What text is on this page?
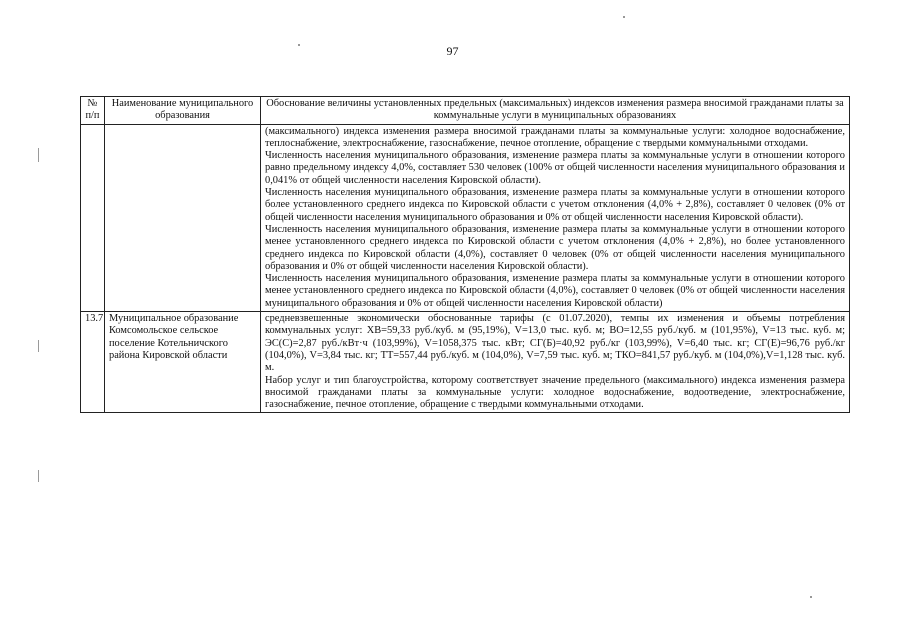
97
№ п/п	Наименование муниципального образования	Обоснование величины установленных предельных (максимальных) индексов изменения размера вносимой гражданами платы за коммунальные услуги в муниципальных образованиях

		(максимального) индекса изменения размера вносимой гражданами платы за коммунальные услуги: холодное водоснабжение, теплоснабжение, электроснабжение, газоснабжение, печное отопление, обращение с твердыми коммунальными отходами.
Численность населения муниципального образования, изменение размера платы за коммунальные услуги в отношении которого равно предельному индексу 4,0%, составляет 530 человек (100% от общей численности населения муниципального образования и 0,041% от общей численности населения Кировской области).
Численность населения муниципального образования, изменение размера платы за коммунальные услуги в отношении которого более установленного среднего индекса по Кировской области с учетом отклонения (4,0% + 2,8%), составляет 0 человек (0% от общей численности населения муниципального образования и 0% от общей численности населения Кировской области).
Численность населения муниципального образования, изменение размера платы за коммунальные услуги в отношении которого менее установленного среднего индекса по Кировской области с учетом отклонения (4,0% + 2,8%), но более установленного среднего индекса по Кировской области (4,0%), составляет 0 человек (0% от общей численности населения муниципального образования и 0% от общей численности населения Кировской области).
Численность населения муниципального образования, изменение размера платы за коммунальные услуги в отношении которого менее установленного среднего индекса по Кировской области (4,0%), составляет 0 человек (0% от общей численности населения муниципального образования и 0% от общей численности населения Кировской области)

13.7	Муниципальное образование Комсомольское сельское поселение Котельничского района Кировской области	средневзвешенные экономически обоснованные тарифы (с 01.07.2020), темпы их изменения и объемы потребления коммунальных услуг: ХВ=59,33 руб./куб. м (95,19%), V=13,0 тыс. куб. м; ВО=12,55 руб./куб. м (101,95%), V=13 тыс. куб. м; ЭС(С)=2,87 руб./кВт·ч (103,99%), V=1058,375 тыс. кВт; СГ(Б)=40,92 руб./кг (103,99%), V=6,40 тыс. кг; СГ(Е)=96,76 руб./кг (104,0%), V=3,84 тыс. кг; ТТ=557,44 руб./куб. м (104,0%), V=7,59 тыс. куб. м; ТКО=841,57 руб./куб. м (104,0%),V=1,128 тыс. куб. м.
Набор услуг и тип благоустройства, которому соответствует значение предельного (максимального) индекса изменения размера вносимой гражданами платы за коммунальные услуги: холодное водоснабжение, водоотведение, электроснабжение, газоснабжение, печное отопление, обращение с твердыми коммунальными отходами.
